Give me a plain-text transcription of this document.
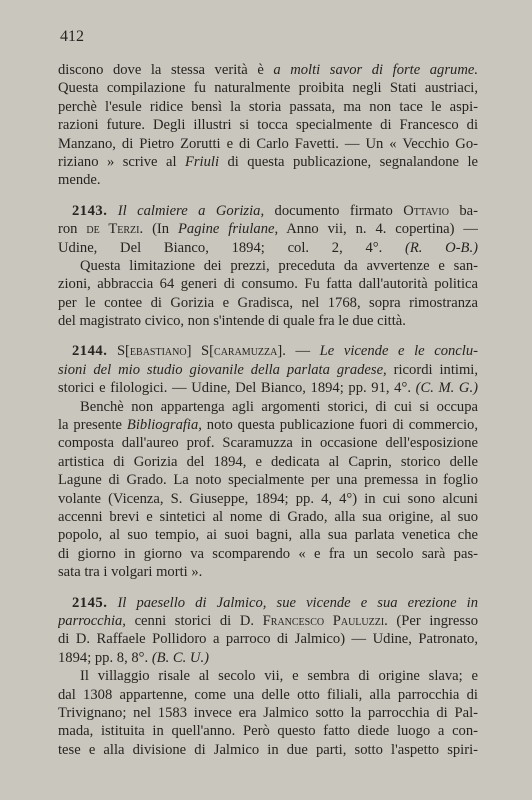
412
discono dove la stessa verità è a molti savor di forte agrume.
Questa compilazione fu naturalmente proibita negli Stati austriaci,
perchè l'esule ridice bensì la storia passata, ma non tace le aspi-
razioni future. Degli illustri si tocca specialmente di Francesco di
Manzano, di Pietro Zorutti e di Carlo Favetti. — Un « Vecchio Go-
riziano » scrive al Friuli di questa publicazione, segnalandone le
mende.
2143. Il calmiere a Gorizia, documento firmato Ottavio ba-
ron de Terzi. (In Pagine friulane, Anno vii, n. 4. copertina) —
Udine, Del Bianco, 1894; col. 2, 4°. (R. O-B.)
Questa limitazione dei prezzi, preceduta da avvertenze e san-
zioni, abbraccia 64 generi di consumo. Fu fatta dall'autorità politica
per le contee di Gorizia e Gradisca, nel 1768, sopra rimostranza
del magistrato civico, non s'intende di quale fra le due città.
2144. S[ebastiano] S[caramuzza]. — Le vicende e le conclu-
sioni del mio studio giovanile della parlata gradese, ricordi intimi,
storici e filologici. — Udine, Del Bianco, 1894; pp. 91, 4°. (C. M. G.)
Benchè non appartenga agli argomenti storici, di cui si occupa
la presente Bibliografia, noto questa publicazione fuori di commercio,
composta dall'aureo prof. Scaramuzza in occasione dell'esposizione
artistica di Gorizia del 1894, e dedicata al Caprin, storico delle
Lagune di Grado. La noto specialmente per una premessa in foglio
volante (Vicenza, S. Giuseppe, 1894; pp. 4, 4°) in cui sono alcuni
accenni brevi e sintetici al nome di Grado, alla sua origine, al suo
popolo, al suo tempio, ai suoi bagni, alla sua parlata venetica che
di giorno in giorno va scomparendo « e fra un secolo sarà pas-
sata tra i volgari morti ».
2145. Il paesello di Jalmico, sue vicende e sua erezione in
parrocchia, cenni storici di D. Francesco Pauluzzi. (Per ingresso
di D. Raffaele Pollidoro a parroco di Jalmico) — Udine, Patronato,
1894; pp. 8, 8°. (B. C. U.)
Il villaggio risale al secolo vii, e sembra di origine slava; e
dal 1308 appartenne, come una delle otto filiali, alla parrocchia di
Trivignano; nel 1583 invece era Jalmico sotto la parrocchia di Pal-
mada, istituita in quell'anno. Però questo fatto diede luogo a con-
tese e alla divisione di Jalmico in due parti, sotto l'aspetto spiri-
